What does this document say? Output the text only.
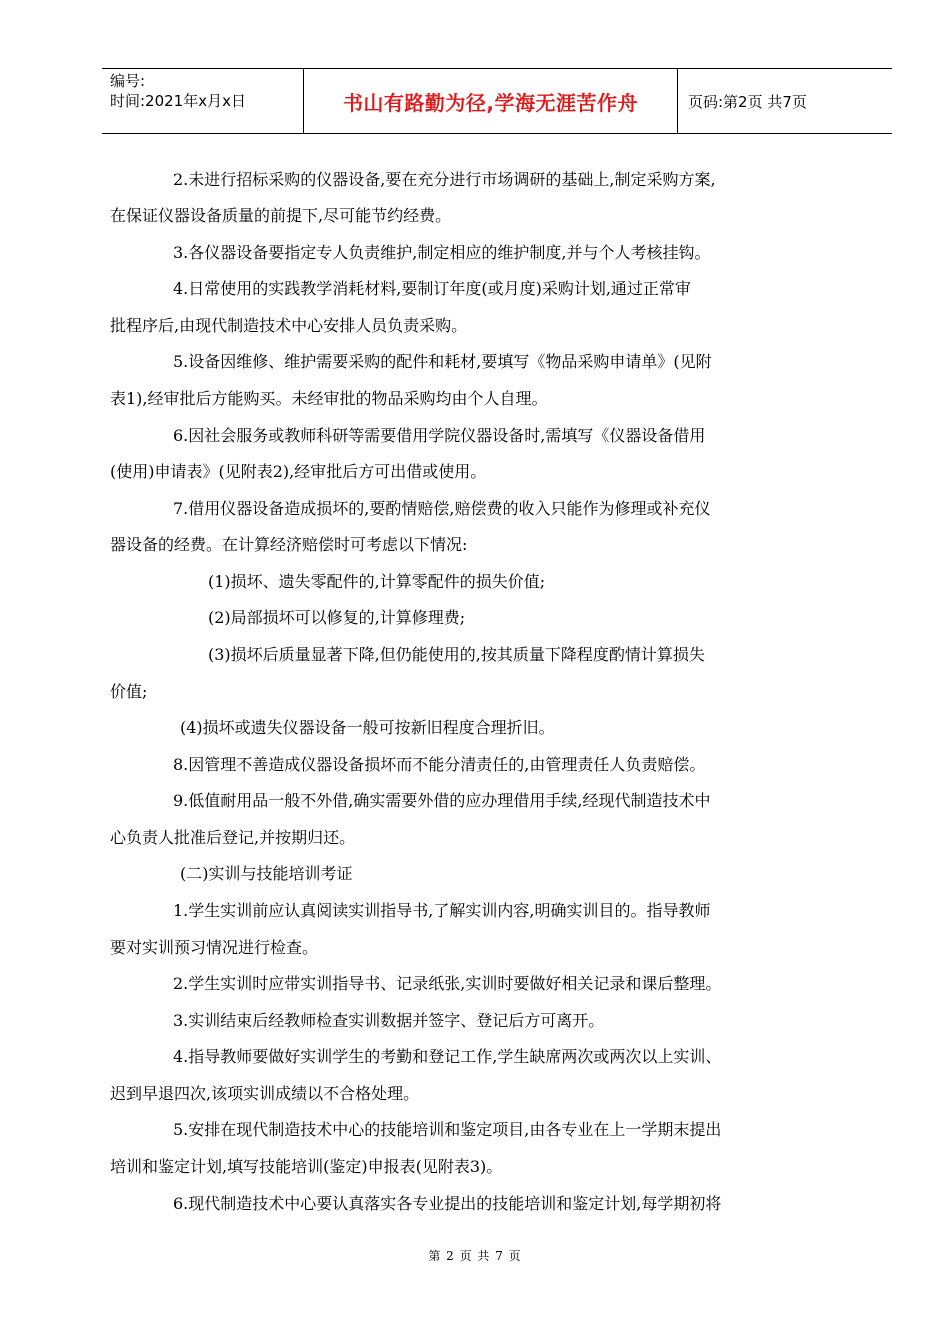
编号:
时间:2021年x月x日	书山有路勤为径,学海无涯苦作舟	页码:第2页 共7页
2.未进行招标采购的仪器设备,要在充分进行市场调研的基础上,制定采购方案,
在保证仪器设备质量的前提下,尽可能节约经费。
3.各仪器设备要指定专人负责维护,制定相应的维护制度,并与个人考核挂钩。
4.日常使用的实践教学消耗材料,要制订年度(或月度)采购计划,通过正常审
批程序后,由现代制造技术中心安排人员负责采购。
5.设备因维修、维护需要采购的配件和耗材,要填写《物品采购申请单》(见附
表1),经审批后方能购买。未经审批的物品采购均由个人自理。
6.因社会服务或教师科研等需要借用学院仪器设备时,需填写《仪器设备借用
(使用)申请表》(见附表2),经审批后方可出借或使用。
7.借用仪器设备造成损坏的,要酌情赔偿,赔偿费的收入只能作为修理或补充仪
器设备的经费。在计算经济赔偿时可考虑以下情况:
(1)损坏、遗失零配件的,计算零配件的损失价值;
(2)局部损坏可以修复的,计算修理费;
(3)损坏后质量显著下降,但仍能使用的,按其质量下降程度酌情计算损失
价值;
(4)损坏或遗失仪器设备一般可按新旧程度合理折旧。
8.因管理不善造成仪器设备损坏而不能分清责任的,由管理责任人负责赔偿。
9.低值耐用品一般不外借,确实需要外借的应办理借用手续,经现代制造技术中
心负责人批准后登记,并按期归还。
(二)实训与技能培训考证
1.学生实训前应认真阅读实训指导书,了解实训内容,明确实训目的。指导教师
要对实训预习情况进行检查。
2.学生实训时应带实训指导书、记录纸张,实训时要做好相关记录和课后整理。
3.实训结束后经教师检查实训数据并签字、登记后方可离开。
4.指导教师要做好实训学生的考勤和登记工作,学生缺席两次或两次以上实训、
迟到早退四次,该项实训成绩以不合格处理。
5.安排在现代制造技术中心的技能培训和鉴定项目,由各专业在上一学期末提出
培训和鉴定计划,填写技能培训(鉴定)申报表(见附表3)。
6.现代制造技术中心要认真落实各专业提出的技能培训和鉴定计划,每学期初将
第 2 页 共 7 页
